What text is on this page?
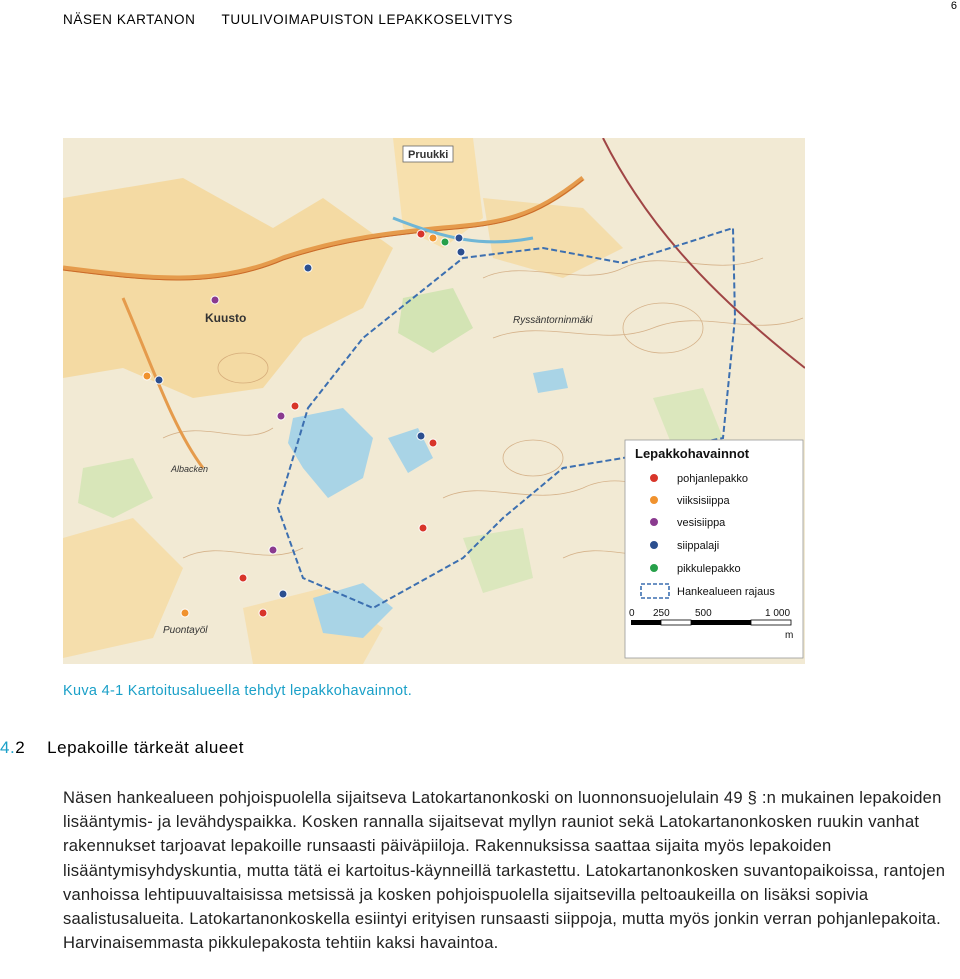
6
NÄSEN KARTANON TUULIVOIMAPUISTON LEPAKKOSELVITYS
Pruukki
Kuusto	Ryssäntorninmäki
Puontayöl
Albacken
Lepakkohavainnot
pohjanlepakko
viiksisiippa
vesisiippa
siippalaji
pikkulepakko
Hankealueen rajaus
0 250	500	1 000
m
Kuva 4-1 Kartoitusalueella tehdyt lepakkohavainnot.
4.2 Lepakoille tärkeät alueet
Näsen hankealueen pohjoispuolella sijaitseva Latokartanonkoski on luonnonsuojelulain 49 § :n mukainen lepakoiden lisääntymis- ja levähdyspaikka. Kosken rannalla sijaitsevat myllyn rauniot sekä Latokartanonkosken ruukin vanhat rakennukset tarjoavat lepakoille runsaasti päiväpiiloja. Rakennuksissa saattaa sijaita myös lepakoiden lisääntymisyhdyskuntia, mutta tätä ei kartoitus-käynneillä tarkastettu. Latokartanonkosken suvantopaikoissa, rantojen vanhoissa lehtipuuvaltaisissa metsissä ja kosken pohjoispuolella sijaitsevilla peltoaukeilla on lisäksi sopivia saalistusalueita. Latokartanonkoskella esiintyi erityisen runsaasti siippoja, mutta myös jonkin verran pohjanlepakoita. Harvinaisemmasta pikkulepakosta tehtiin kaksi havaintoa.
